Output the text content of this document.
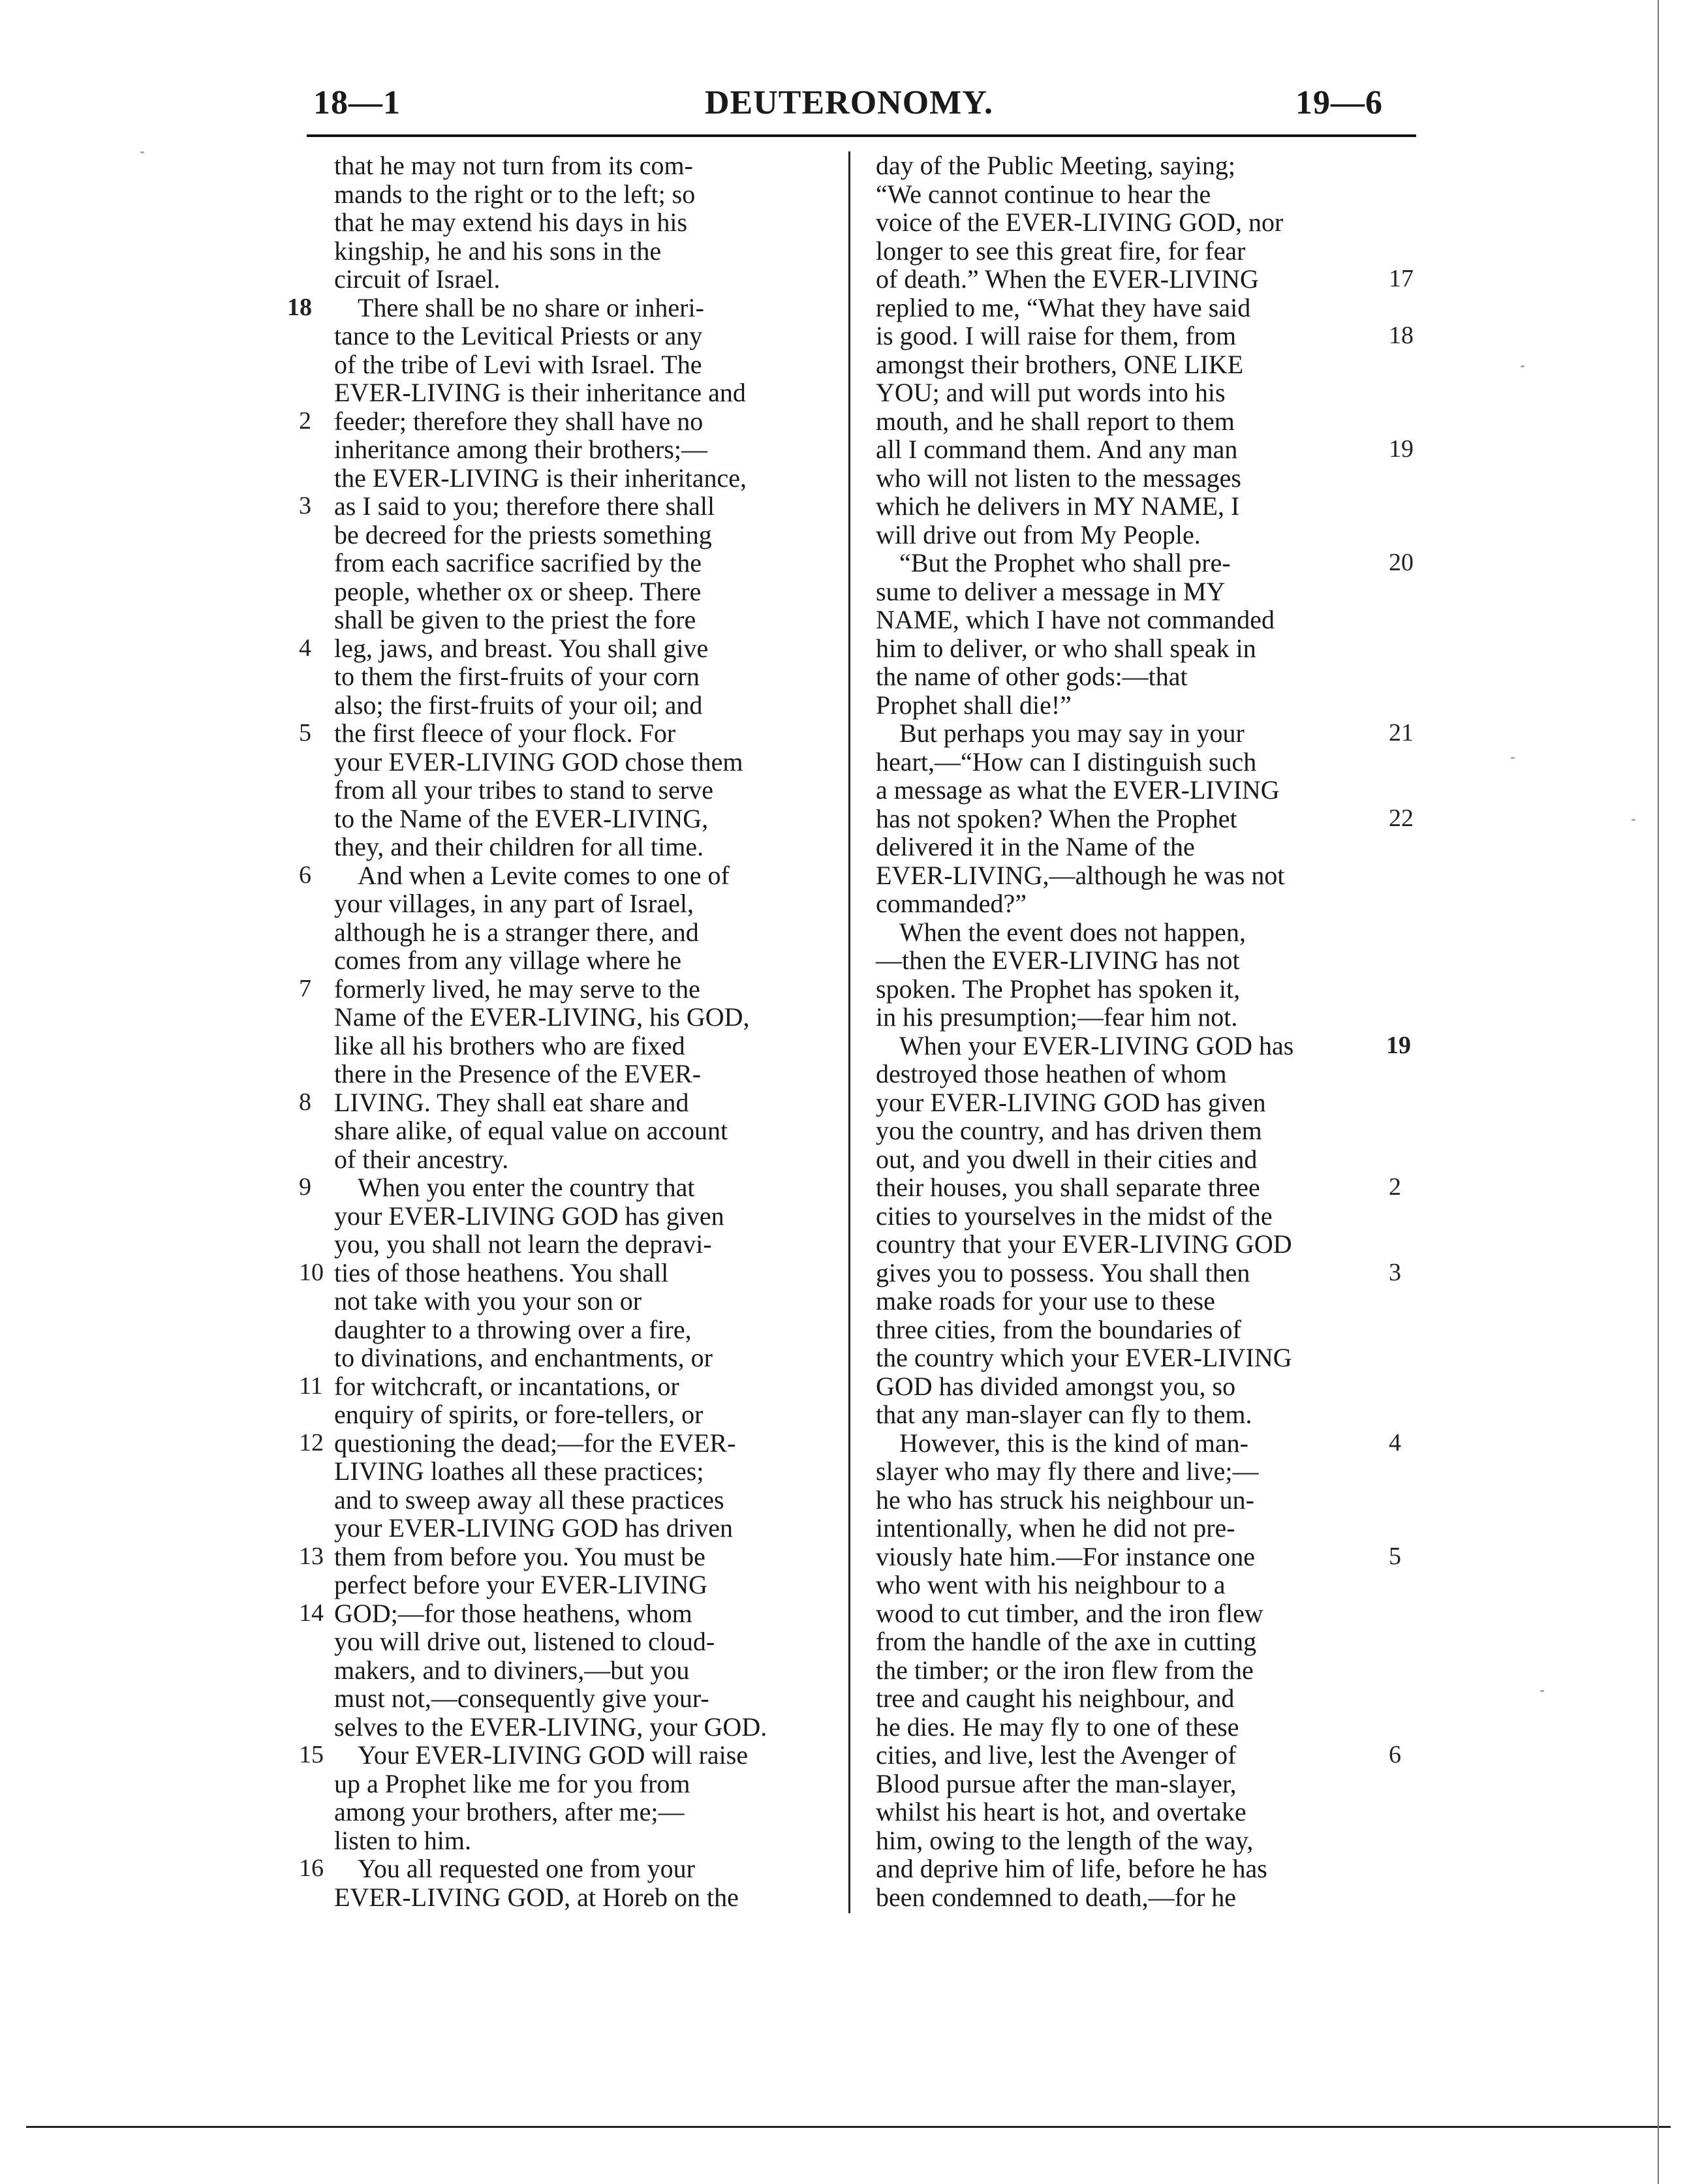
18—1	DEUTERONOMY.	19—6
that he may not turn from its com-
mands to the right or to the left; so
that he may extend his days in his
kingship, he and his sons in the
circuit of Israel.
18	There shall be no share or inheri-
tance to the Levitical Priests or any
of the tribe of Levi with Israel. The
EVER-LIVING is their inheritance and
2 feeder; therefore they shall have no
inheritance among their brothers;—
the EVER-LIVING is their inheritance,
3 as I said to you; therefore there shall
be decreed for the priests something
from each sacrifice sacrified by the
people, whether ox or sheep. There
shall be given to the priest the fore
4 leg, jaws, and breast. You shall give
to them the first-fruits of your corn
also; the first-fruits of your oil; and
5 the first fleece of your flock. For
your EVER-LIVING GOD chose them
from all your tribes to stand to serve
to the Name of the EVER-LIVING,
they, and their children for all time.
6	And when a Levite comes to one of
your villages, in any part of Israel,
although he is a stranger there, and
comes from any village where he
7 formerly lived, he may serve to the
Name of the EVER-LIVING, his GOD,
like all his brothers who are fixed
there in the Presence of the EVER-
8 LIVING. They shall eat share and
share alike, of equal value on account
of their ancestry.
9	When you enter the country that
your EVER-LIVING GOD has given
you, you shall not learn the depravi-
10 ties of those heathens. You shall
not take with you your son or
daughter to a throwing over a fire,
to divinations, and enchantments, or
11 for witchcraft, or incantations, or
enquiry of spirits, or fore-tellers, or
12 questioning the dead;—for the EVER-
LIVING loathes all these practices;
and to sweep away all these practices
your EVER-LIVING GOD has driven
13 them from before you. You must be
perfect before your EVER-LIVING
14 GOD;—for those heathens, whom
you will drive out, listened to cloud-
makers, and to diviners,—but you
must not,—consequently give your-
selves to the EVER-LIVING, your GOD.
15	Your EVER-LIVING GOD will raise
up a Prophet like me for you from
among your brothers, after me;—
listen to him.
16	You all requested one from your
EVER-LIVING GOD, at Horeb on the
day of the Public Meeting, saying;
“We cannot continue to hear the
voice of the EVER-LIVING GOD, nor
longer to see this great fire, for fear
17
of death.” When the EVER-LIVING
replied to me, “What they have said
18
is good. I will raise for them, from
amongst their brothers, ONE LIKE
YOU; and will put words into his
mouth, and he shall report to them
19
all I command them. And any man
who will not listen to the messages
which he delivers in MY NAME, I
will drive out from My People.
20
“But the Prophet who shall pre-
sume to deliver a message in MY
NAME, which I have not commanded
him to deliver, or who shall speak in
the name of other gods:—that
Prophet shall die!”
21
But perhaps you may say in your
heart,—“How can I distinguish such
a message as what the EVER-LIVING
22
has not spoken? When the Prophet
delivered it in the Name of the
EVER-LIVING,—although he was not
commanded?”
When the event does not happen,
—then the EVER-LIVING has not
spoken. The Prophet has spoken it,
in his presumption;—fear him not.
19
When your EVER-LIVING GOD has
destroyed those heathen of whom
your EVER-LIVING GOD has given
you the country, and has driven them
out, and you dwell in their cities and
2
their houses, you shall separate three
cities to yourselves in the midst of the
country that your EVER-LIVING GOD
3
gives you to possess. You shall then
make roads for your use to these
three cities, from the boundaries of
the country which your EVER-LIVING
GOD has divided amongst you, so
that any man-slayer can fly to them.
4
However, this is the kind of man-
slayer who may fly there and live;—
he who has struck his neighbour un-
intentionally, when he did not pre-
5
viously hate him.—For instance one
who went with his neighbour to a
wood to cut timber, and the iron flew
from the handle of the axe in cutting
the timber; or the iron flew from the
tree and caught his neighbour, and
he dies. He may fly to one of these
6
cities, and live, lest the Avenger of
Blood pursue after the man-slayer,
whilst his heart is hot, and overtake
him, owing to the length of the way,
and deprive him of life, before he has
been condemned to death,—for he
